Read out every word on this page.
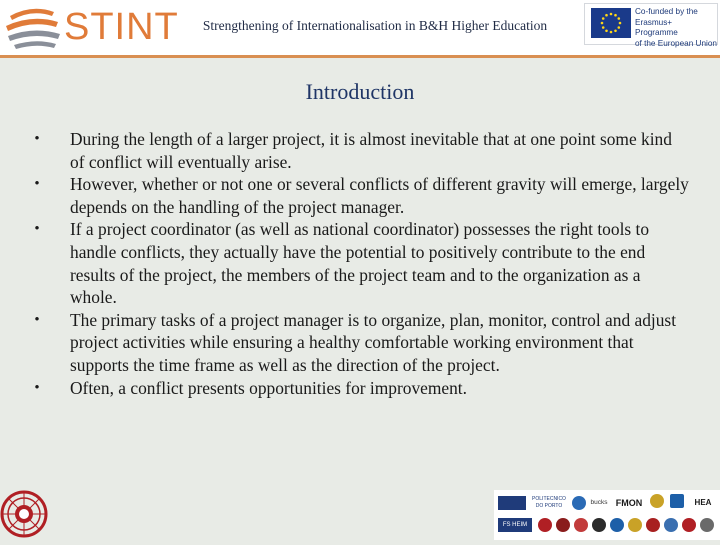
STINT	Strengthening of Internationalisation in B&H Higher Education
Co-funded by the
Erasmus+ Programme
of the European Union
Introduction
• During the length of a larger project, it is almost inevitable that at one point some kind of conflict will eventually arise.
• However, whether or not one or several conflicts of different gravity will emerge, largely depends on the handling of the project manager.
• If a project coordinator (as well as national coordinator) possesses the right tools to handle conflicts, they actually have the potential to positively contribute to the end results of the project, the members of the project team and to the organization as a whole.
• The primary tasks of a project manager is to organize, plan, monitor, control and adjust project activities while ensuring a healthy comfortable working environment that supports the time frame as well as the direction of the project.
• Often, a conflict presents opportunities for improvement.
POLITECNICO DO PORTO	bucks FMON	HEA
FS HEIM
